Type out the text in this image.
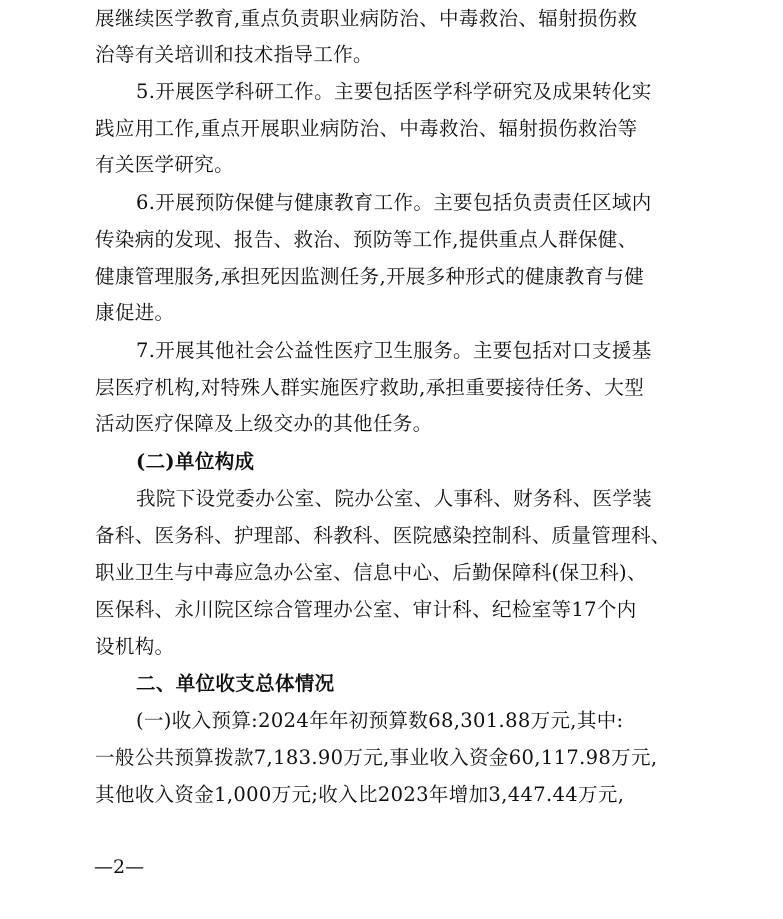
展继续医学教育,重点负责职业病防治、中毒救治、辐射损伤救
治等有关培训和技术指导工作。
5.开展医学科研工作。主要包括医学科学研究及成果转化实
践应用工作,重点开展职业病防治、中毒救治、辐射损伤救治等
有关医学研究。
6.开展预防保健与健康教育工作。主要包括负责责任区域内
传染病的发现、报告、救治、预防等工作,提供重点人群保健、
健康管理服务,承担死因监测任务,开展多种形式的健康教育与健
康促进。
7.开展其他社会公益性医疗卫生服务。主要包括对口支援基
层医疗机构,对特殊人群实施医疗救助,承担重要接待任务、大型
活动医疗保障及上级交办的其他任务。
(二)单位构成
我院下设党委办公室、院办公室、人事科、财务科、医学装
备科、医务科、护理部、科教科、医院感染控制科、质量管理科、
职业卫生与中毒应急办公室、信息中心、后勤保障科(保卫科)、
医保科、永川院区综合管理办公室、审计科、纪检室等17个内
设机构。
二、单位收支总体情况
(一)收入预算:2024年年初预算数68,301.88万元,其中:
一般公共预算拨款7,183.90万元,事业收入资金60,117.98万元,
其他收入资金1,000万元;收入比2023年增加3,447.44万元,
—2—
